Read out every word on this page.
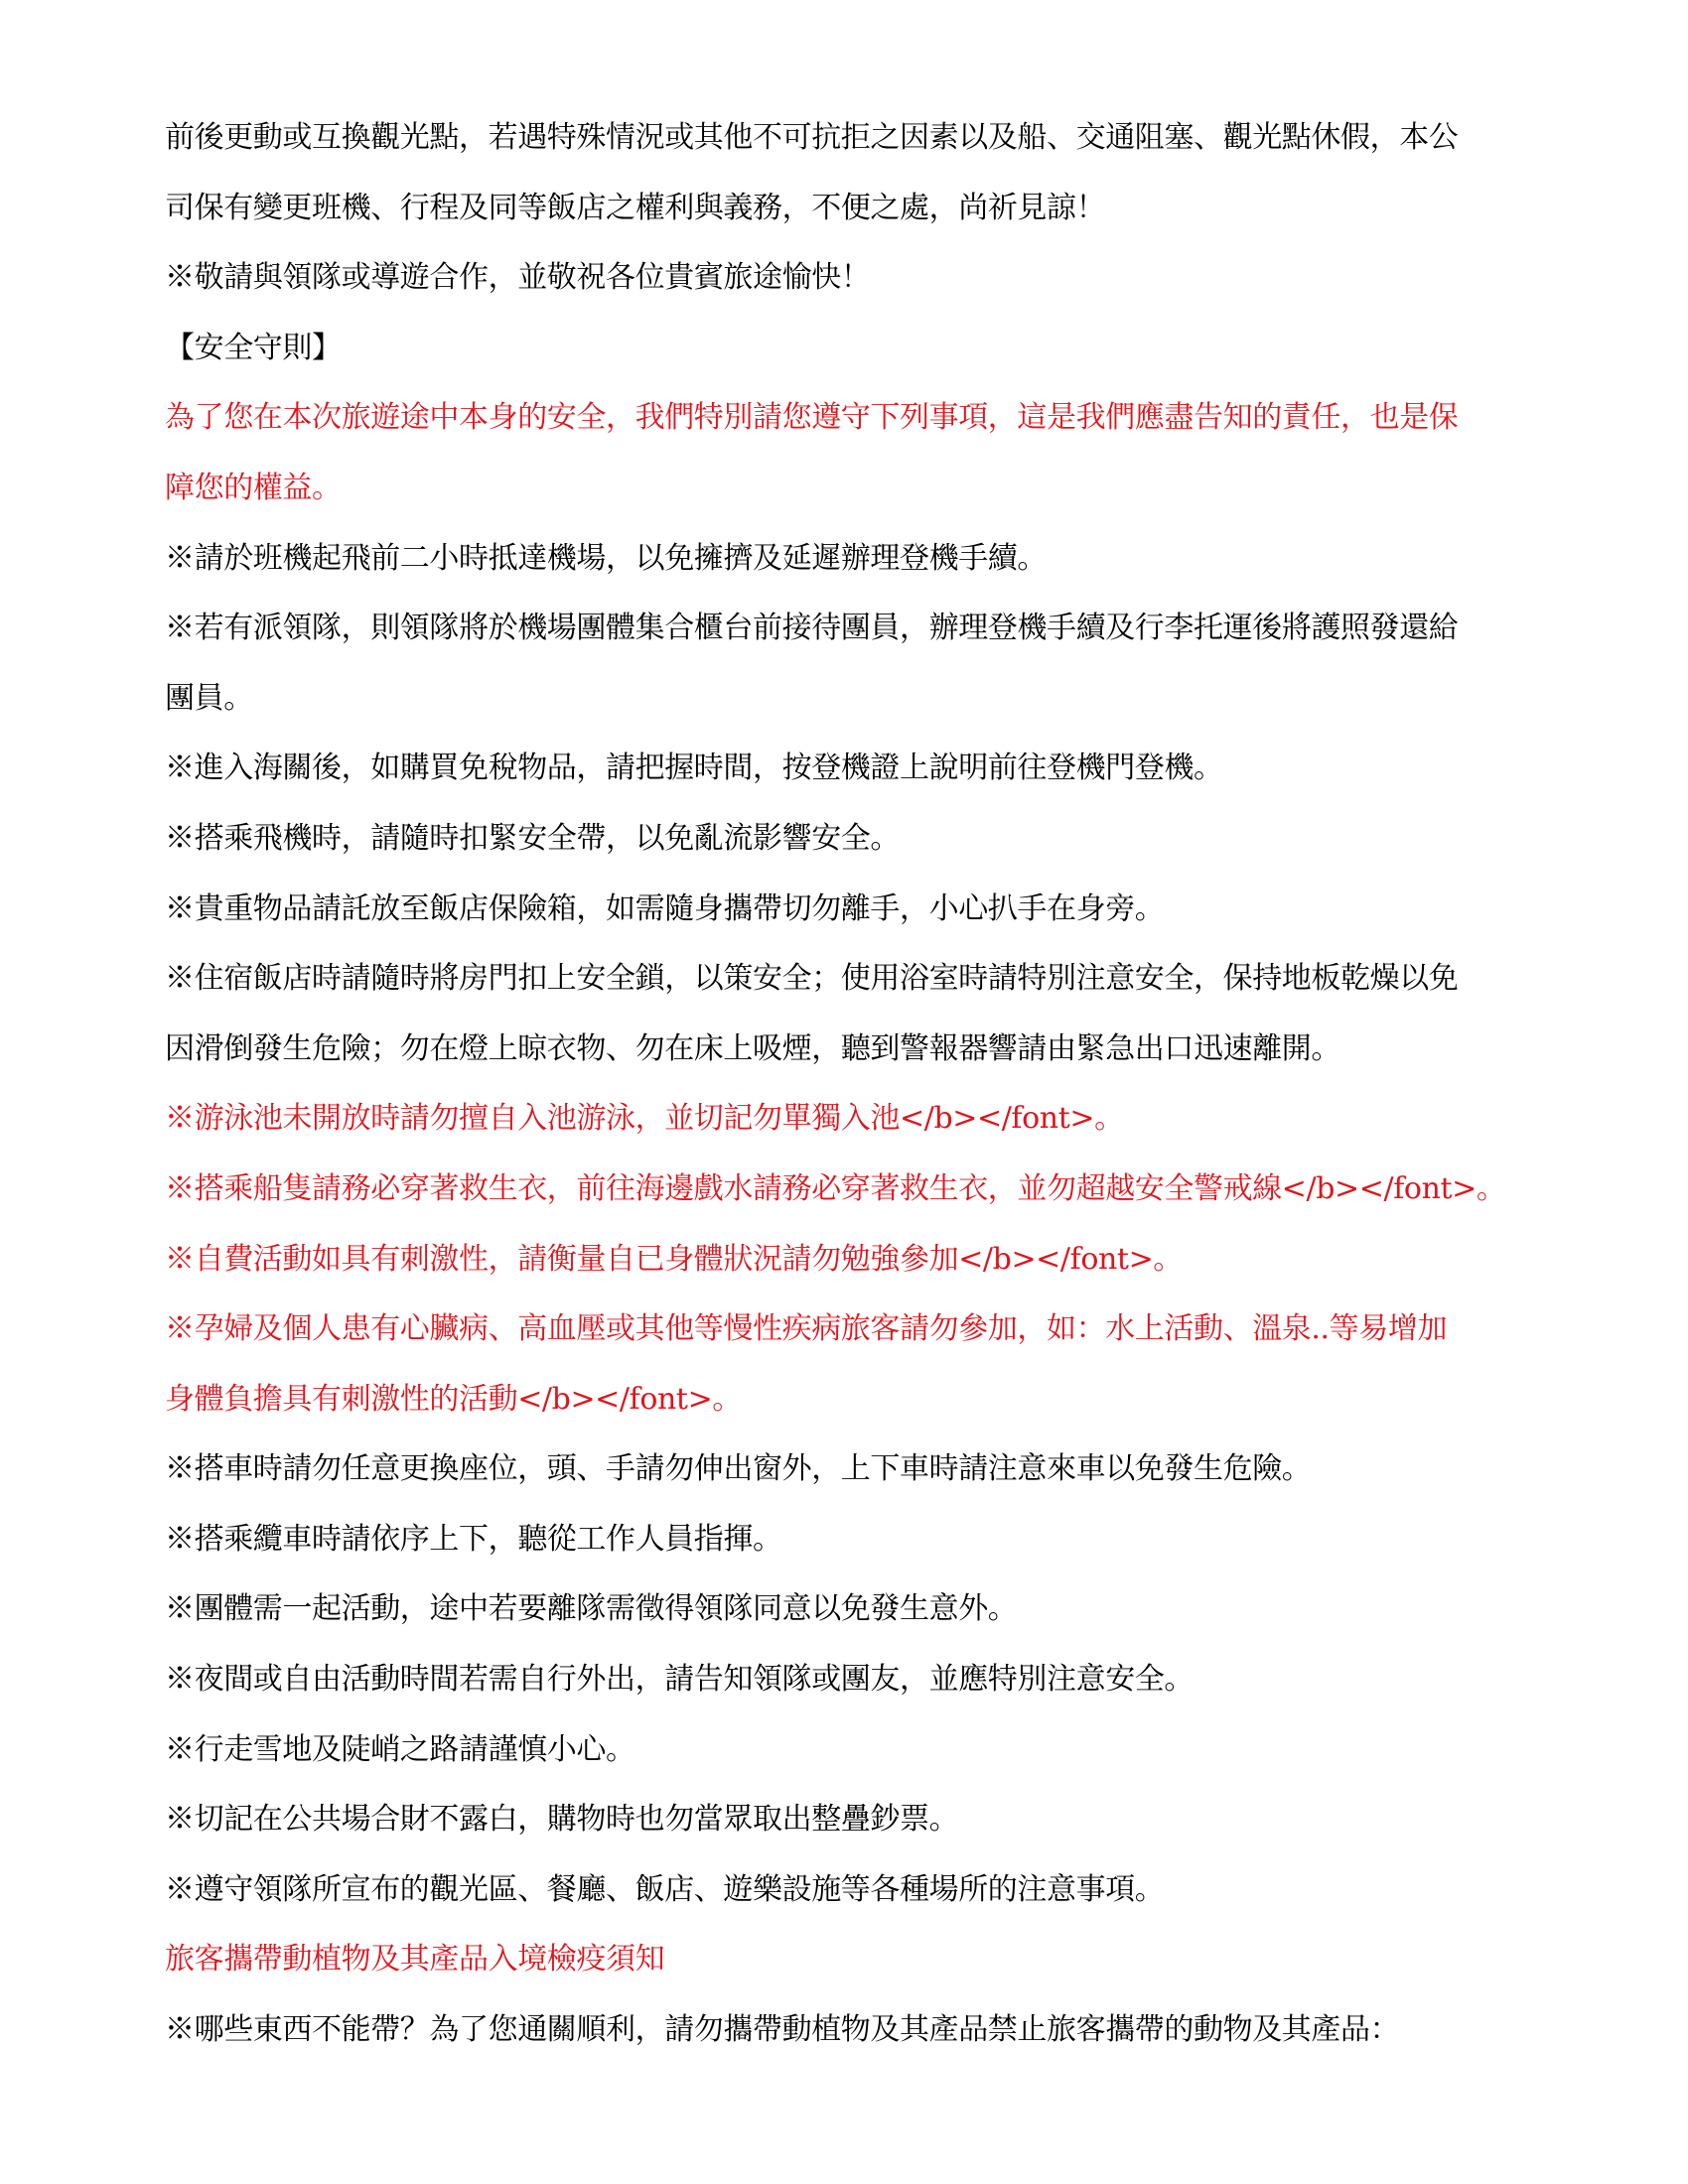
前後更動或互換觀光點，若遇特殊情況或其他不可抗拒之因素以及船、交通阻塞、觀光點休假，本公
司保有變更班機、行程及同等飯店之權利與義務，不便之處，尚祈見諒！
※敬請與領隊或導遊合作，並敬祝各位貴賓旅途愉快！
【安全守則】
為了您在本次旅遊途中本身的安全，我們特別請您遵守下列事項，這是我們應盡告知的責任，也是保
障您的權益。
※請於班機起飛前二小時抵達機場，以免擁擠及延遲辦理登機手續。
※若有派領隊，則領隊將於機場團體集合櫃台前接待團員，辦理登機手續及行李托運後將護照發還給
團員。
※進入海關後，如購買免稅物品，請把握時間，按登機證上說明前往登機門登機。
※搭乘飛機時，請隨時扣緊安全帶，以免亂流影響安全。
※貴重物品請託放至飯店保險箱，如需隨身攜帶切勿離手，小心扒手在身旁。
※住宿飯店時請隨時將房門扣上安全鎖，以策安全；使用浴室時請特別注意安全，保持地板乾燥以免
因滑倒發生危險；勿在燈上晾衣物、勿在床上吸煙，聽到警報器響請由緊急出口迅速離開。
※游泳池未開放時請勿擅自入池游泳，並切記勿單獨入池</b></font>。
※搭乘船隻請務必穿著救生衣，前往海邊戲水請務必穿著救生衣，並勿超越安全警戒線</b></font>。
※自費活動如具有刺激性，請衡量自已身體狀況請勿勉強參加</b></font>。
※孕婦及個人患有心臟病、高血壓或其他等慢性疾病旅客請勿參加，如：水上活動、溫泉..等易增加
身體負擔具有刺激性的活動</b></font>。
※搭車時請勿任意更換座位，頭、手請勿伸出窗外，上下車時請注意來車以免發生危險。
※搭乘纜車時請依序上下，聽從工作人員指揮。
※團體需一起活動，途中若要離隊需徵得領隊同意以免發生意外。
※夜間或自由活動時間若需自行外出，請告知領隊或團友，並應特別注意安全。
※行走雪地及陡峭之路請謹慎小心。
※切記在公共場合財不露白，購物時也勿當眾取出整疊鈔票。
※遵守領隊所宣布的觀光區、餐廳、飯店、遊樂設施等各種場所的注意事項。
旅客攜帶動植物及其產品入境檢疫須知
※哪些東西不能帶？為了您通關順利，請勿攜帶動植物及其產品禁止旅客攜帶的動物及其產品：
